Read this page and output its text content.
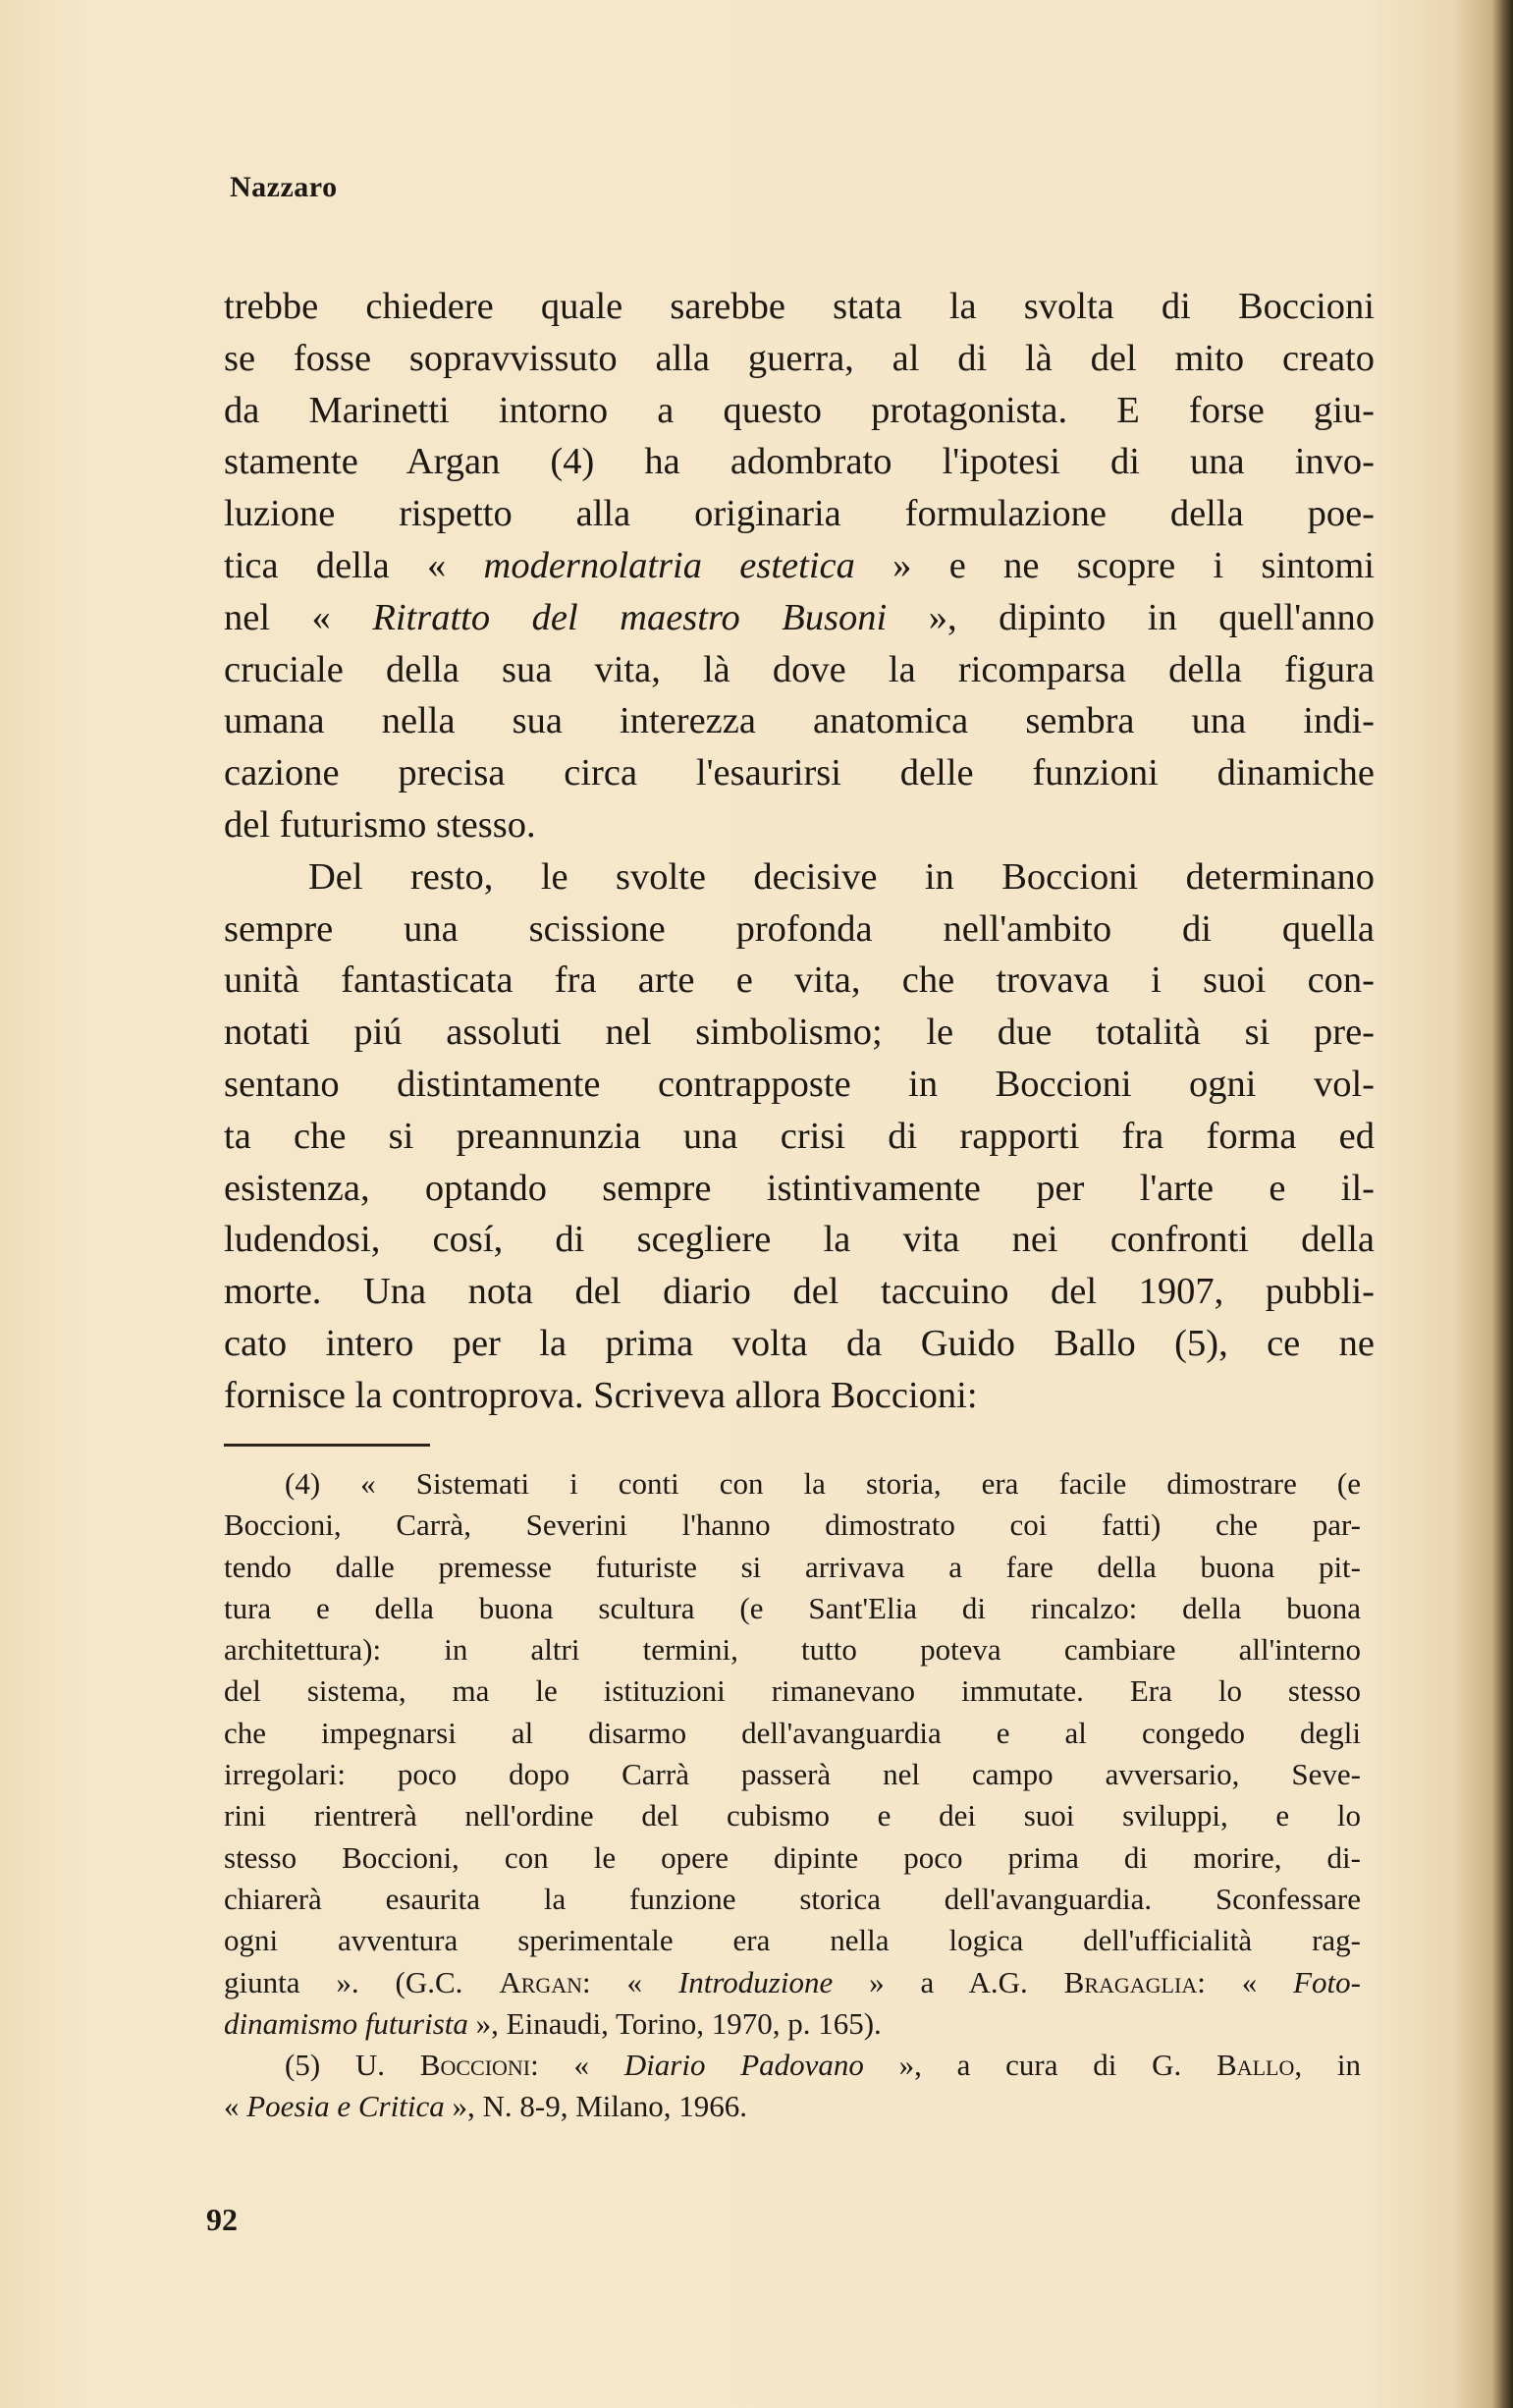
Nazzaro

trebbe chiedere quale sarebbe stata la svolta di Boccioni
se fosse sopravvissuto alla guerra, al di là del mito creato
da Marinetti intorno a questo protagonista. E forse giu-
stamente Argan (4) ha adombrato l'ipotesi di una invo-
luzione rispetto alla originaria formulazione della poe-
tica della « modernolatria estetica » e ne scopre i sintomi
nel « Ritratto del maestro Busoni », dipinto in quell'anno
cruciale della sua vita, là dove la ricomparsa della figura
umana nella sua interezza anatomica sembra una indi-
cazione precisa circa l'esaurirsi delle funzioni dinamiche
del futurismo stesso.

Del resto, le svolte decisive in Boccioni determinano
sempre una scissione profonda nell'ambito di quella
unità fantasticata fra arte e vita, che trovava i suoi con-
notati piú assoluti nel simbolismo; le due totalità si pre-
sentano distintamente contrapposte in Boccioni ogni vol-
ta che si preannunzia una crisi di rapporti fra forma ed
esistenza, optando sempre istintivamente per l'arte e il-
ludendosi, cosí, di scegliere la vita nei confronti della
morte. Una nota del diario del taccuino del 1907, pubbli-
cato intero per la prima volta da Guido Ballo (5), ce ne
fornisce la controprova. Scriveva allora Boccioni:

(4) « Sistemati i conti con la storia, era facile dimostrare (e
Boccioni, Carrà, Severini l'hanno dimostrato coi fatti) che par-
tendo dalle premesse futuriste si arrivava a fare della buona pit-
tura e della buona scultura (e Sant'Elia di rincalzo: della buona
architettura): in altri termini, tutto poteva cambiare all'interno
del sistema, ma le istituzioni rimanevano immutate. Era lo stesso
che impegnarsi al disarmo dell'avanguardia e al congedo degli
irregolari: poco dopo Carrà passerà nel campo avversario, Seve-
rini rientrerà nell'ordine del cubismo e dei suoi sviluppi, e lo
stesso Boccioni, con le opere dipinte poco prima di morire, di-
chiarerà esaurita la funzione storica dell'avanguardia. Sconfessare
ogni avventura sperimentale era nella logica dell'ufficialità rag-
giunta ». (G.C. Argan: « Introduzione » a A.G. Bragaglia: « Foto-
dinamismo futurista », Einaudi, Torino, 1970, p. 165).
(5) U. Boccioni: « Diario Padovano », a cura di G. Ballo, in
« Poesia e Critica », N. 8-9, Milano, 1966.
92
